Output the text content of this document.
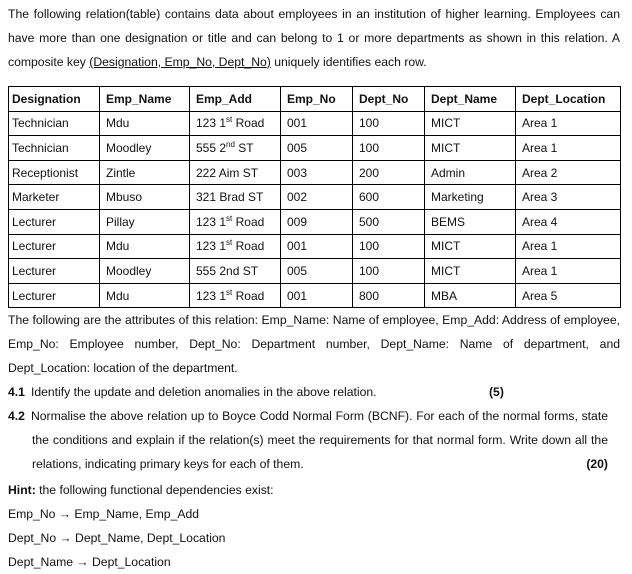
The following relation(table) contains data about employees in an institution of higher learning. Employees can have more than one designation or title and can belong to 1 or more departments as shown in this relation. A composite key (Designation, Emp_No, Dept_No) uniquely identifies each row.
Designation	Emp_Name	Emp_Add	Emp_No	Dept_No	Dept_Name	Dept_Location
Technician	Mdu	123 1st Road	001	100	MICT	Area 1
Technician	Moodley	555 2nd ST	005	100	MICT	Area 1
Receptionist	Zintle	222 Aim ST	003	200	Admin	Area 2
Marketer	Mbuso	321 Brad ST	002	600	Marketing	Area 3
Lecturer	Pillay	123 1st Road	009	500	BEMS	Area 4
Lecturer	Mdu	123 1st Road	001	100	MICT	Area 1
Lecturer	Moodley	555 2nd ST	005	100	MICT	Area 1
Lecturer	Mdu	123 1st Road	001	800	MBA	Area 5
The following are the attributes of this relation: Emp_Name: Name of employee, Emp_Add: Address of employee, Emp_No: Employee number, Dept_No: Department number, Dept_Name: Name of department, and Dept_Location: location of the department.
4.1 Identify the update and deletion anomalies in the above relation.	(5)
4.2 Normalise the above relation up to Boyce Codd Normal Form (BCNF). For each of the normal forms, state the conditions and explain if the relation(s) meet the requirements for that normal form. Write down all the relations, indicating primary keys for each of them.	(20)
Hint: the following functional dependencies exist:
Emp_No → Emp_Name, Emp_Add
Dept_No → Dept_Name, Dept_Location
Dept_Name → Dept_Location
